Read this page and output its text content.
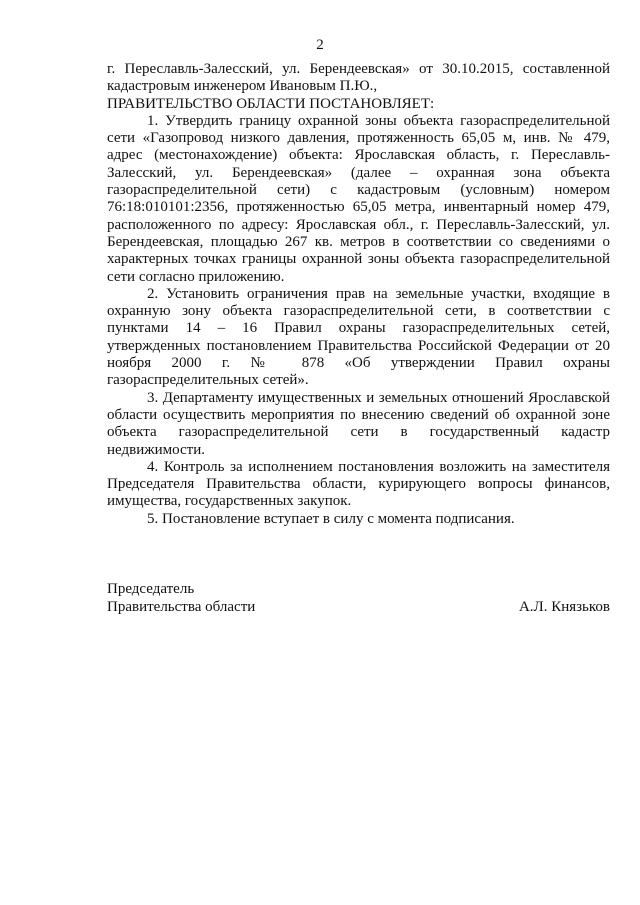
2

г. Переславль-Залесский, ул. Берендеевская» от 30.10.2015, составленной кадастровым инженером Ивановым П.Ю.,

ПРАВИТЕЛЬСТВО ОБЛАСТИ ПОСТАНОВЛЯЕТ:

1. Утвердить границу охранной зоны объекта газораспределительной сети «Газопровод низкого давления, протяженность 65,05 м, инв. № 479, адрес (местонахождение) объекта: Ярославская область, г. Переславль-Залесский, ул. Берендеевская» (далее – охранная зона объекта газораспределительной сети) с кадастровым (условным) номером 76:18:010101:2356, протяженностью 65,05 метра, инвентарный номер 479, расположенного по адресу: Ярославская обл., г. Переславль-Залесский, ул. Берендеевская, площадью 267 кв. метров в соответствии со сведениями о характерных точках границы охранной зоны объекта газораспределительной сети согласно приложению.

2. Установить ограничения прав на земельные участки, входящие в охранную зону объекта газораспределительной сети, в соответствии с пунктами 14 – 16 Правил охраны газораспределительных сетей, утвержденных постановлением Правительства Российской Федерации от 20 ноября 2000 г. № 878 «Об утверждении Правил охраны газораспределительных сетей».

3. Департаменту имущественных и земельных отношений Ярославской области осуществить мероприятия по внесению сведений об охранной зоне объекта газораспределительной сети в государственный кадастр недвижимости.

4. Контроль за исполнением постановления возложить на заместителя Председателя Правительства области, курирующего вопросы финансов, имущества, государственных закупок.

5. Постановление вступает в силу с момента подписания.

Председатель
Правительства области	А.Л. Князьков
